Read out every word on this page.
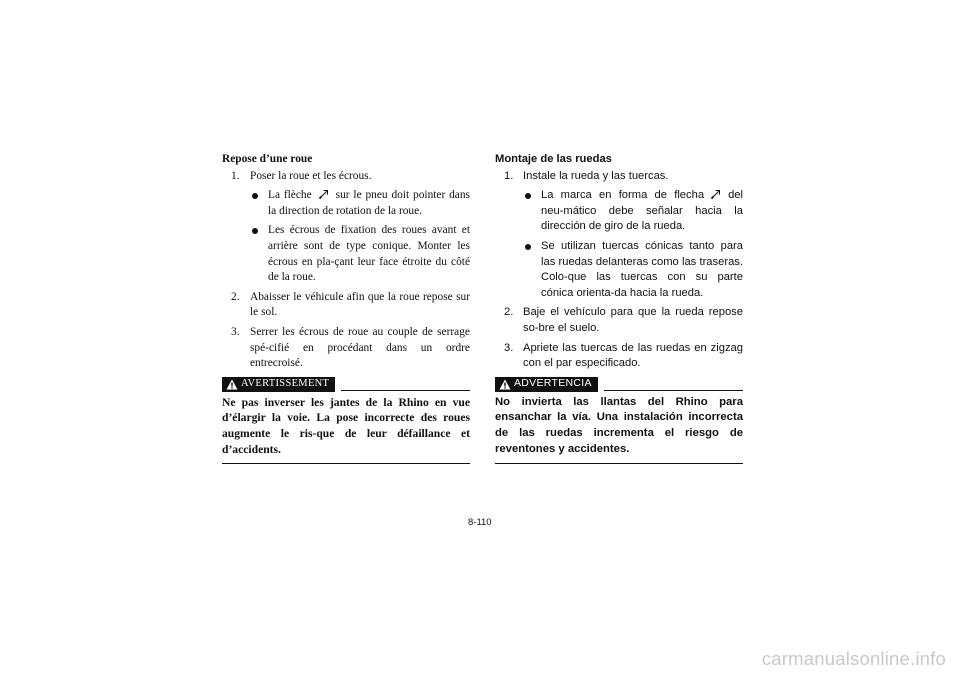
Repose d’une roue
1. Poser la roue et les écrous.
La flèche sur le pneu doit pointer dans la direction de rotation de la roue.
Les écrous de fixation des roues avant et arrière sont de type conique. Monter les écrous en pla-çant leur face étroite du côté de la roue.
2. Abaisser le véhicule afin que la roue repose sur le sol.
3. Serrer les écrous de roue au couple de serrage spé-cifié en procédant dans un ordre entrecroisé.
AVERTISSEMENT
Ne pas inverser les jantes de la Rhino en vue d’élargir la voie. La pose incorrecte des roues augmente le ris-que de leur défaillance et d’accidents.
Montaje de las ruedas
1. Instale la rueda y las tuercas.
La marca en forma de flecha del neu-mático debe señalar hacia la dirección de giro de la rueda.
Se utilizan tuercas cónicas tanto para las ruedas delanteras como las traseras. Colo-que las tuercas con su parte cónica orienta-da hacia la rueda.
2. Baje el vehículo para que la rueda repose so-bre el suelo.
3. Apriete las tuercas de las ruedas en zigzag con el par especificado.
ADVERTENCIA
No invierta las llantas del Rhino para ensanchar la vía. Una instalación incorrecta de las ruedas incrementa el riesgo de reventones y accidentes.
8-110
carmanualsonline.info
